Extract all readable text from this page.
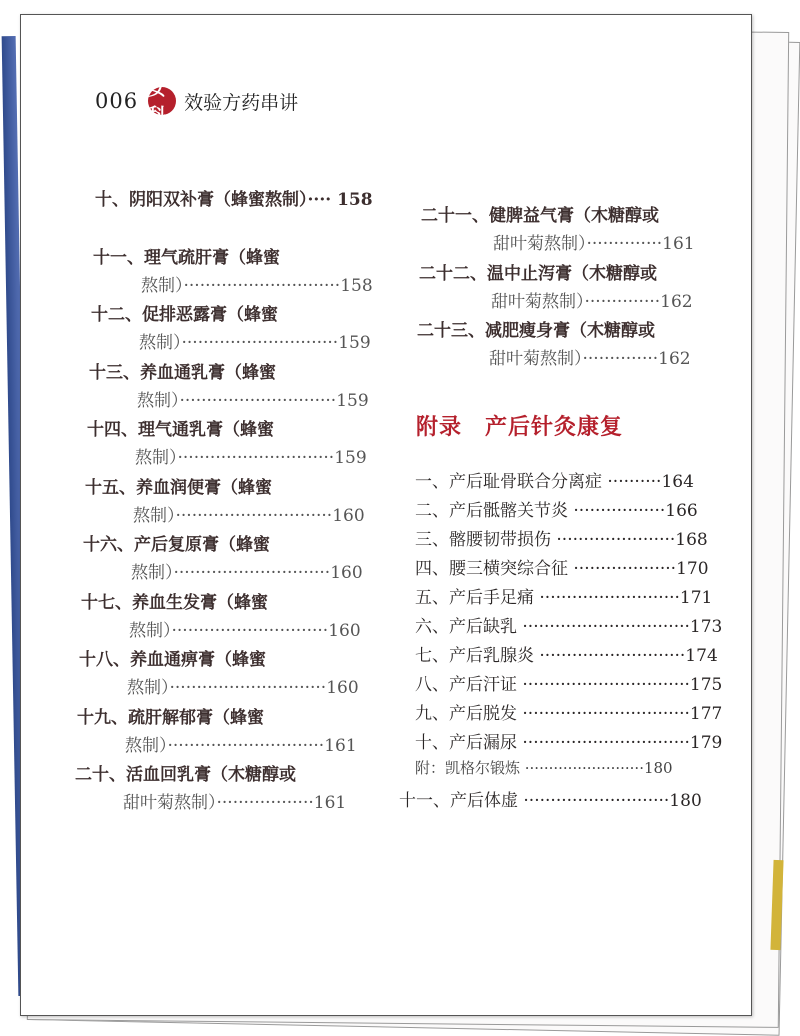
006 女科
效验方药串讲
十、阴阳双补膏（蜂蜜熬制）···· 158
十一、理气疏肝膏（蜂蜜
熬制）·····························158
十二、促排恶露膏（蜂蜜
熬制）·····························159
十三、养血通乳膏（蜂蜜
熬制）·····························159
十四、理气通乳膏（蜂蜜
熬制）·····························159
十五、养血润便膏（蜂蜜
熬制）·····························160
十六、产后复原膏（蜂蜜
熬制）·····························160
十七、养血生发膏（蜂蜜
熬制）·····························160
十八、养血通痹膏（蜂蜜
熬制）·····························160
十九、疏肝解郁膏（蜂蜜
熬制）·····························161
二十、活血回乳膏（木糖醇或
甜叶菊熬制）··················161
二十一、健脾益气膏（木糖醇或
甜叶菊熬制）··············161
二十二、温中止泻膏（木糖醇或
甜叶菊熬制）··············162
二十三、减肥瘦身膏（木糖醇或
甜叶菊熬制）··············162
附录　产后针灸康复
一、产后耻骨联合分离症 ··········164
二、产后骶髂关节炎 ·················166
三、髂腰韧带损伤 ······················168
四、腰三横突综合征 ···················170
五、产后手足痛 ··························171
六、产后缺乳 ·······························173
七、产后乳腺炎 ···························174
八、产后汗证 ·······························175
九、产后脱发 ·······························177
十、产后漏尿 ·······························179
附：凯格尔锻炼 ·························180
十一、产后体虚 ···························180
